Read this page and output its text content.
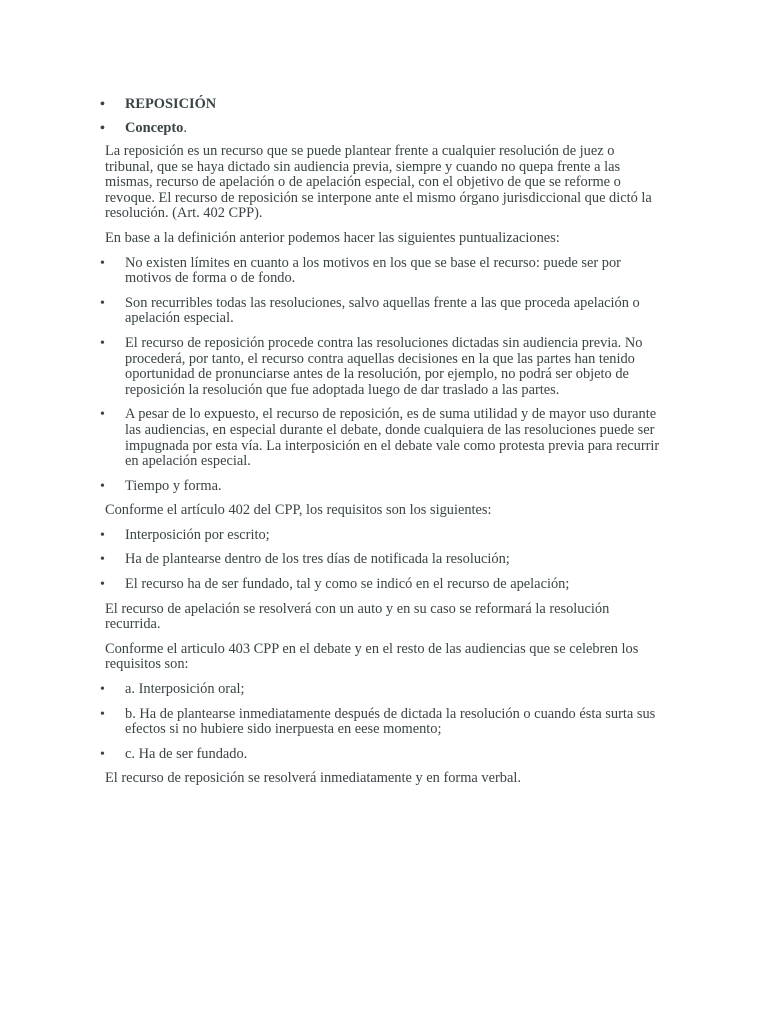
• REPOSICIÓN
• Concepto.

La reposición es un recurso que se puede plantear frente a cualquier resolución de juez o tribunal, que se haya dictado sin audiencia previa, siempre y cuando no quepa frente a las mismas, recurso de apelación o de apelación especial, con el objetivo de que se reforme o revoque. El recurso de reposición se interpone ante el mismo órgano jurisdiccional que dictó la resolución. (Art. 402 CPP).

En base a la definición anterior podemos hacer las siguientes puntualizaciones:

• No existen límites en cuanto a los motivos en los que se base el recurso: puede ser por motivos de forma o de fondo.
• Son recurribles todas las resoluciones, salvo aquellas frente a las que proceda apelación o apelación especial.
• El recurso de reposición procede contra las resoluciones dictadas sin audiencia previa. No procederá, por tanto, el recurso contra aquellas decisiones en la que las partes han tenido oportunidad de pronunciarse antes de la resolución, por ejemplo, no podrá ser objeto de reposición la resolución que fue adoptada luego de dar traslado a las partes.
• A pesar de lo expuesto, el recurso de reposición, es de suma utilidad y de mayor uso durante las audiencias, en especial durante el debate, donde cualquiera de las resoluciones puede ser impugnada por esta vía. La interposición en el debate vale como protesta previa para recurrir en apelación especial.
• Tiempo y forma.

Conforme el artículo 402 del CPP, los requisitos son los siguientes:

• Interposición por escrito;
• Ha de plantearse dentro de los tres días de notificada la resolución;
• El recurso ha de ser fundado, tal y como se indicó en el recurso de apelación;

El recurso de apelación se resolverá con un auto y en su caso se reformará la resolución recurrida.

Conforme el articulo 403 CPP en el debate y en el resto de las audiencias que se celebren los requisitos son:

• a. Interposición oral;
• b. Ha de plantearse inmediatamente después de dictada la resolución o cuando ésta surta sus efectos si no hubiere sido inerpuesta en eese momento;
• c. Ha de ser fundado.

El recurso de reposición se resolverá inmediatamente y en forma verbal.
